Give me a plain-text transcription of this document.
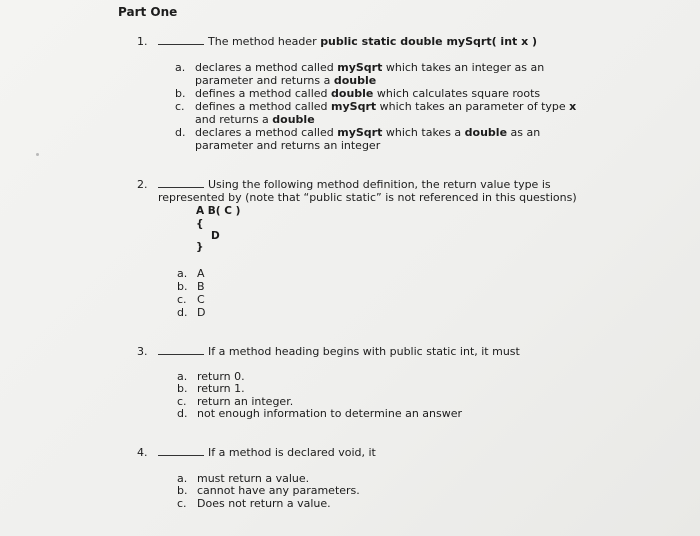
Part One
1.	The method header public static double mySqrt( int x )
a. declares a method called mySqrt which takes an integer as an
parameter and returns a double
b. defines a method called double which calculates square roots
c. defines a method called mySqrt which takes an parameter of type x
and returns a double
d. declares a method called mySqrt which takes a double as an
parameter and returns an integer
2.	Using the following method definition, the return value type is
represented by (note that “public static” is not referenced in this questions)
A B( C )
{
D
}
a. A
b. B
c. C
d. D
3.	If a method heading begins with public static int, it must
a. return 0.
b. return 1.
c. return an integer.
d. not enough information to determine an answer
4.	If a method is declared void, it
a. must return a value.
b. cannot have any parameters.
c. Does not return a value.
